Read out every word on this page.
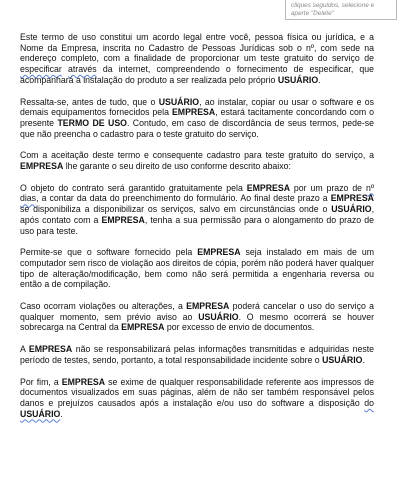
cliques seguidos, selecione e
aperte "Delete"

Este termo de uso constitui um acordo legal entre você, pessoa física ou jurídica, e a Nome da Empresa, inscrita no Cadastro de Pessoas Jurídicas sob o nº, com sede na endereço completo, com a finalidade de proporcionar um teste gratuito do serviço de especificar através da internet, compreendendo o fornecimento de especificar, que acompanhará a instalação do produto a ser realizada pelo próprio USUÁRIO.

Ressalta-se, antes de tudo, que o USUÁRIO, ao instalar, copiar ou usar o software e os demais equipamentos fornecidos pela EMPRESA, estará tacitamente concordando com o presente TERMO DE USO. Contudo, em caso de discordância de seus termos, pede-se que não preencha o cadastro para o teste gratuito do serviço.

Com a aceitação deste termo e consequente cadastro para teste gratuito do serviço, a EMPRESA lhe garante o seu direito de uso conforme descrito abaixo:

O objeto do contrato será garantido gratuitamente pela EMPRESA por um prazo de nº dias, a contar da data do preenchimento do formulário. Ao final deste prazo a EMPRESA se disponibiliza a disponibilizar os serviços, salvo em circunstâncias onde o USUÁRIO, após contato com a EMPRESA, tenha a sua permissão para o alongamento do prazo de uso para teste.

Permite-se que o software fornecido pela EMPRESA seja instalado em mais de um computador sem risco de violação aos direitos de cópia, porém não poderá haver qualquer tipo de alteração/modificação, bem como não será permitida a engenharia reversa ou então a de compilação.

Caso ocorram violações ou alterações, a EMPRESA poderá cancelar o uso do serviço a qualquer momento, sem prévio aviso ao USUÁRIO. O mesmo ocorrerá se houver sobrecarga na Central da EMPRESA por excesso de envio de documentos.

A EMPRESA não se responsabilizará pelas informações transmitidas e adquiridas neste período de testes, sendo, portanto, a total responsabilidade incidente sobre o USUÁRIO.

Por fim, a EMPRESA se exime de qualquer responsabilidade referente aos impressos de documentos visualizados em suas páginas, além de não ser também responsável pelos danos e prejuízos causados após a instalação e/ou uso do software a disposição do USUÁRIO.
